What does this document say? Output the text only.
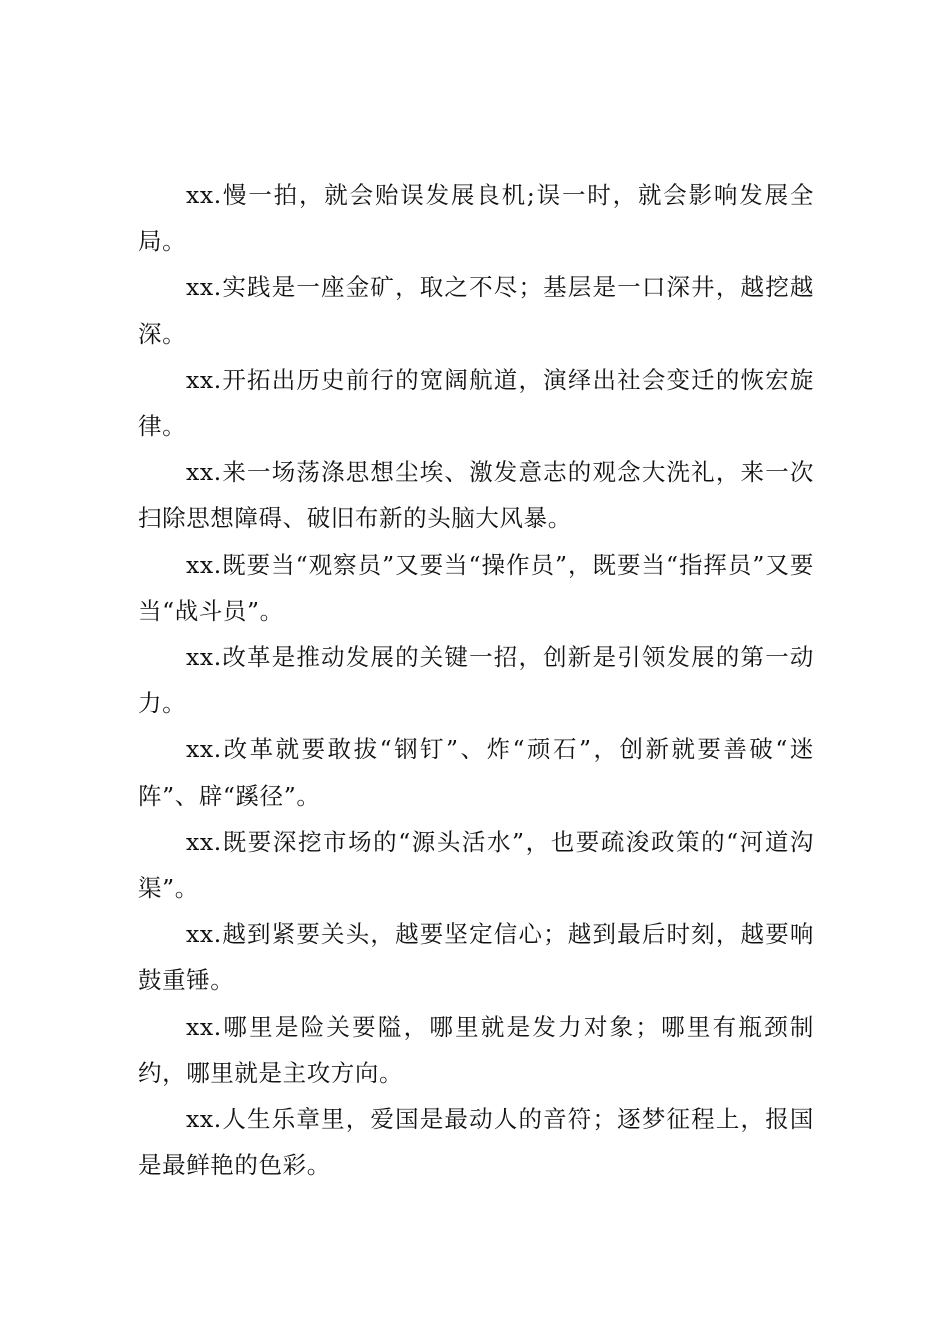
xx.慢一拍，就会贻误发展良机;误一时，就会影响发展全局。

xx.实践是一座金矿，取之不尽；基层是一口深井，越挖越深。

xx.开拓出历史前行的宽阔航道，演绎出社会变迁的恢宏旋律。

xx.来一场荡涤思想尘埃、激发意志的观念大洗礼，来一次扫除思想障碍、破旧布新的头脑大风暴。

xx.既要当“观察员”又要当“操作员”，既要当“指挥员”又要当“战斗员”。

xx.改革是推动发展的关键一招，创新是引领发展的第一动力。

xx.改革就要敢拔“钢钉”、炸“顽石”，创新就要善破“迷阵”、辟“蹊径”。

xx.既要深挖市场的“源头活水”，也要疏浚政策的“河道沟渠”。

xx.越到紧要关头，越要坚定信心；越到最后时刻，越要响鼓重锤。

xx.哪里是险关要隘，哪里就是发力对象；哪里有瓶颈制约，哪里就是主攻方向。

xx.人生乐章里，爱国是最动人的音符；逐梦征程上，报国是最鲜艳的色彩。
